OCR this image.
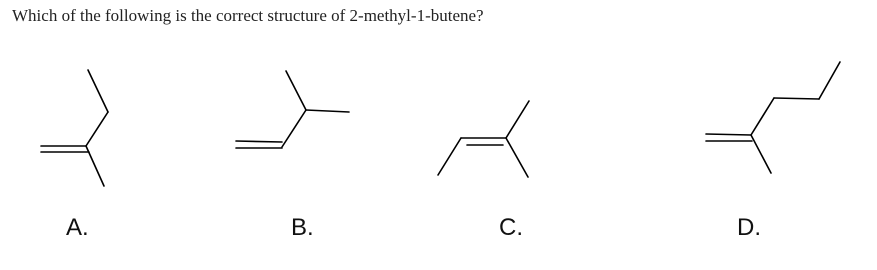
Which of the following is the correct structure of 2-methyl-1-butene?
A.	B.	C.	D.
